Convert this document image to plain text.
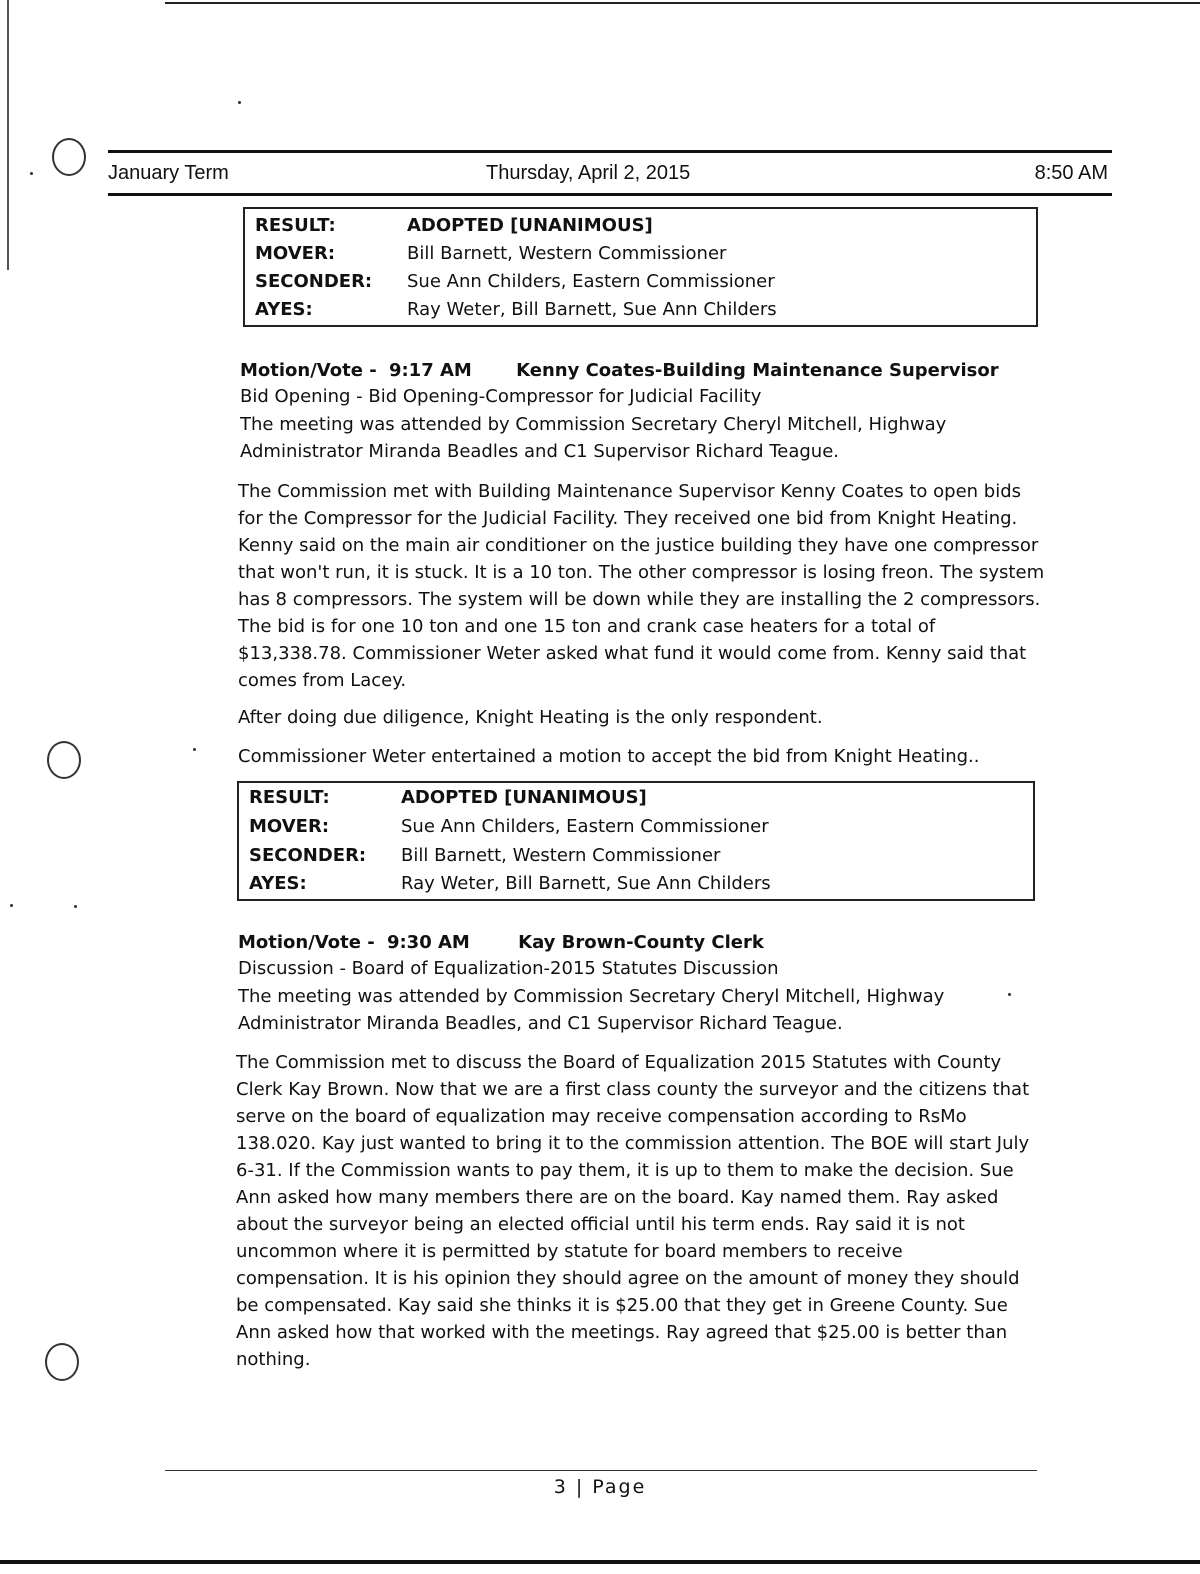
January Term	Thursday, April 2, 2015	8:50 AM
RESULT:	ADOPTED [UNANIMOUS]
MOVER:	Bill Barnett, Western Commissioner
SECONDER:	Sue Ann Childers, Eastern Commissioner
AYES:	Ray Weter, Bill Barnett, Sue Ann Childers
Motion/Vote - 9:17 AM Kenny Coates-Building Maintenance Supervisor
Bid Opening - Bid Opening-Compressor for Judicial Facility

The meeting was attended by Commission Secretary Cheryl Mitchell, Highway Administrator Miranda Beadles and C1 Supervisor Richard Teague.

The Commission met with Building Maintenance Supervisor Kenny Coates to open bids for the Compressor for the Judicial Facility. They received one bid from Knight Heating. Kenny said on the main air conditioner on the justice building they have one compressor that won't run, it is stuck. It is a 10 ton. The other compressor is losing freon. The system has 8 compressors. The system will be down while they are installing the 2 compressors. The bid is for one 10 ton and one 15 ton and crank case heaters for a total of $13,338.78. Commissioner Weter asked what fund it would come from. Kenny said that comes from Lacey.

After doing due diligence, Knight Heating is the only respondent.

Commissioner Weter entertained a motion to accept the bid from Knight Heating..

RESULT:	ADOPTED [UNANIMOUS]
MOVER:	Sue Ann Childers, Eastern Commissioner
SECONDER:	Bill Barnett, Western Commissioner
AYES:	Ray Weter, Bill Barnett, Sue Ann Childers
Motion/Vote - 9:30 AM	Kay Brown-County Clerk
Discussion - Board of Equalization-2015 Statutes Discussion

The meeting was attended by Commission Secretary Cheryl Mitchell, Highway Administrator Miranda Beadles, and C1 Supervisor Richard Teague.

The Commission met to discuss the Board of Equalization 2015 Statutes with County Clerk Kay Brown. Now that we are a first class county the surveyor and the citizens that serve on the board of equalization may receive compensation according to RsMo 138.020. Kay just wanted to bring it to the commission attention. The BOE will start July 6-31. If the Commission wants to pay them, it is up to them to make the decision. Sue Ann asked how many members there are on the board. Kay named them. Ray asked about the surveyor being an elected official until his term ends. Ray said it is not uncommon where it is permitted by statute for board members to receive compensation. It is his opinion they should agree on the amount of money they should be compensated. Kay said she thinks it is $25.00 that they get in Greene County. Sue Ann asked how that worked with the meetings. Ray agreed that $25.00 is better than nothing.

3 | Page
